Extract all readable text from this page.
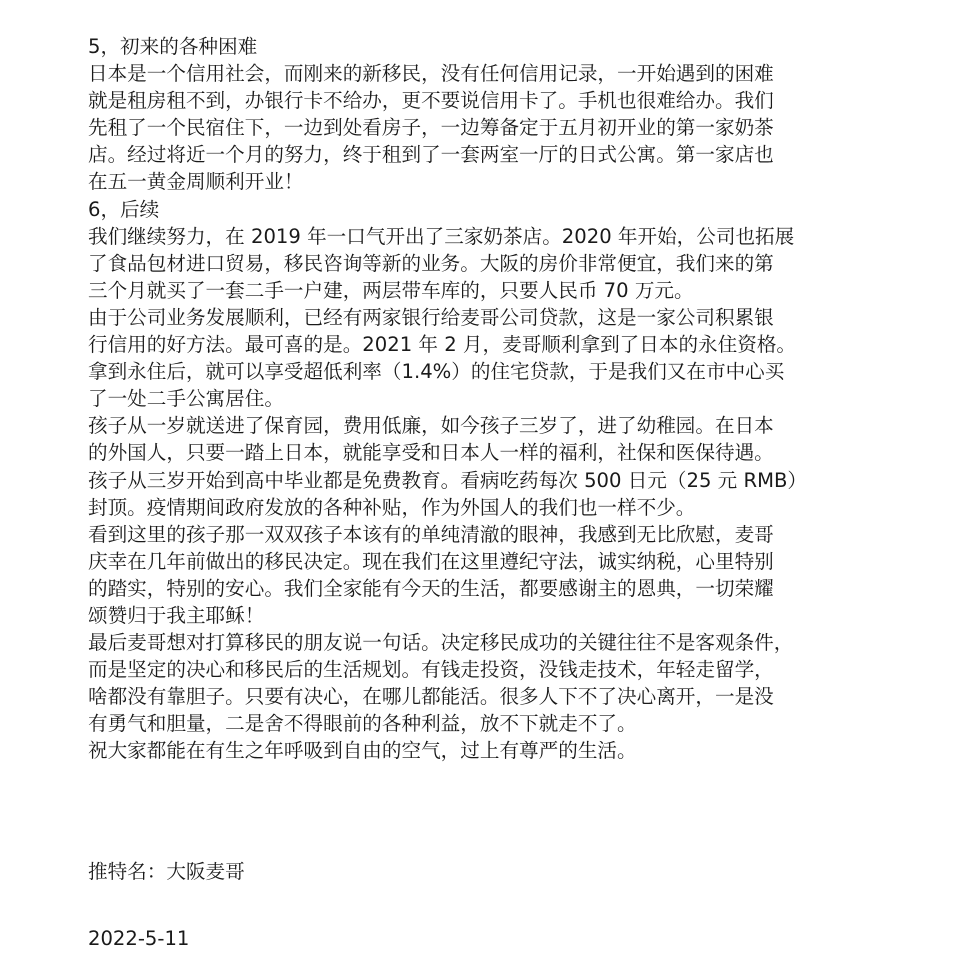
5，初来的各种困难
日本是一个信用社会，而刚来的新移民，没有任何信用记录，一开始遇到的困难
就是租房租不到，办银行卡不给办，更不要说信用卡了。手机也很难给办。我们
先租了一个民宿住下，一边到处看房子，一边筹备定于五月初开业的第一家奶茶
店。经过将近一个月的努力，终于租到了一套两室一厅的日式公寓。第一家店也
在五一黄金周顺利开业！
6，后续
我们继续努力，在 2019 年一口气开出了三家奶茶店。2020 年开始，公司也拓展
了食品包材进口贸易，移民咨询等新的业务。大阪的房价非常便宜，我们来的第
三个月就买了一套二手一户建，两层带车库的，只要人民币 70 万元。
由于公司业务发展顺利，已经有两家银行给麦哥公司贷款，这是一家公司积累银
行信用的好方法。最可喜的是。2021 年 2 月，麦哥顺利拿到了日本的永住资格。
拿到永住后，就可以享受超低利率（1.4%）的住宅贷款，于是我们又在市中心买
了一处二手公寓居住。
孩子从一岁就送进了保育园，费用低廉，如今孩子三岁了，进了幼稚园。在日本
的外国人，只要一踏上日本，就能享受和日本人一样的福利，社保和医保待遇。
孩子从三岁开始到高中毕业都是免费教育。看病吃药每次 500 日元（25 元 RMB）
封顶。疫情期间政府发放的各种补贴，作为外国人的我们也一样不少。
看到这里的孩子那一双双孩子本该有的单纯清澈的眼神，我感到无比欣慰，麦哥
庆幸在几年前做出的移民决定。现在我们在这里遵纪守法，诚实纳税，心里特别
的踏实，特别的安心。我们全家能有今天的生活，都要感谢主的恩典，一切荣耀
颂赞归于我主耶稣！
最后麦哥想对打算移民的朋友说一句话。决定移民成功的关键往往不是客观条件，
而是坚定的决心和移民后的生活规划。有钱走投资，没钱走技术，年轻走留学，
啥都没有靠胆子。只要有决心，在哪儿都能活。很多人下不了决心离开，一是没
有勇气和胆量，二是舍不得眼前的各种利益，放不下就走不了。
祝大家都能在有生之年呼吸到自由的空气，过上有尊严的生活。
推特名：大阪麦哥
2022-5-11
